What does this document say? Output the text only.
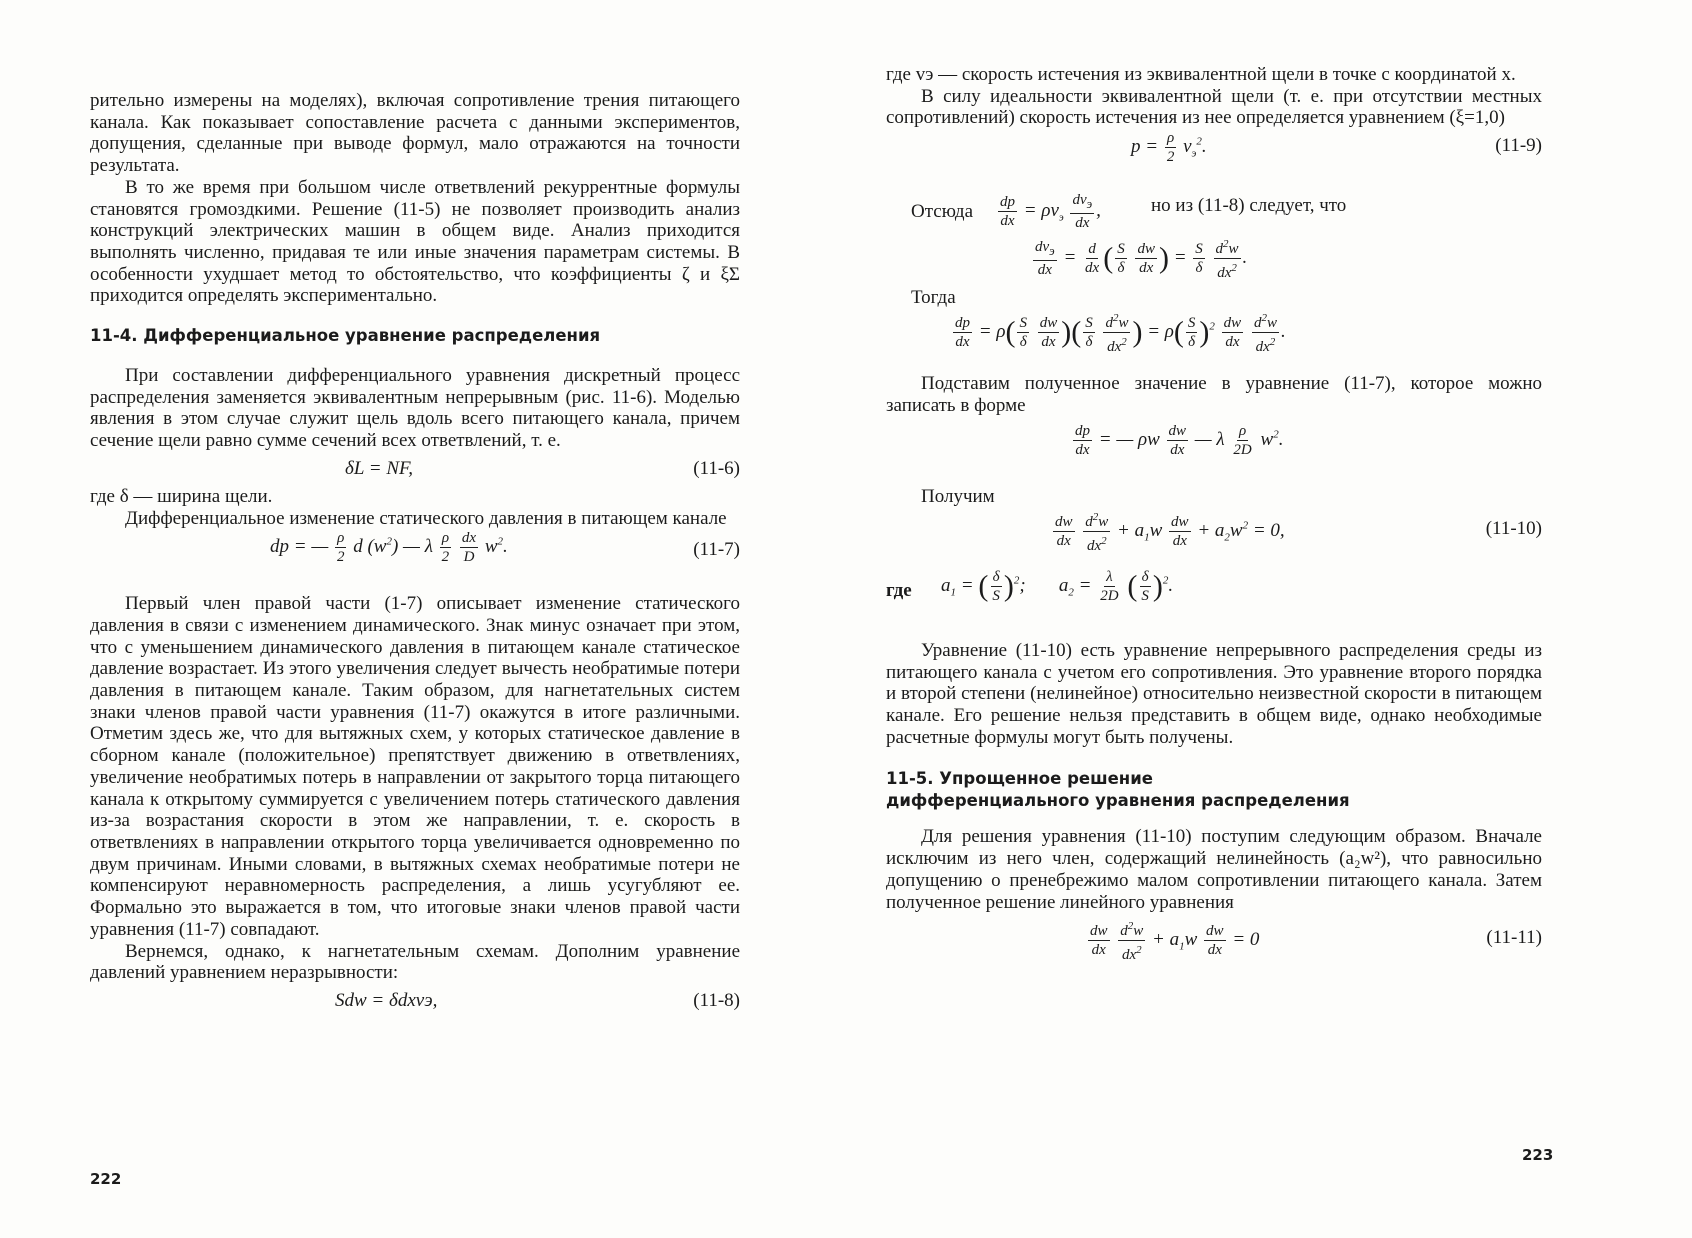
рительно измерены на моделях), включая сопротивление трения питающего канала. Как показывает сопоставление расчета с данными экспериментов, допущения, сделанные при выводе формул, мало отражаются на точности результата.

В то же время при большом числе ответвлений рекуррентные формулы становятся громоздкими. Решение (11-5) не позволяет производить анализ конструкций электрических машин в общем виде. Анализ приходится выполнять численно, придавая те или иные значения параметрам системы. В особенности ухудшает метод то обстоятельство, что коэффициенты ζ и ξΣ приходится определять экспериментально.

11-4. Дифференциальное уравнение распределения

При составлении дифференциального уравнения дискретный процесс распределения заменяется эквивалентным непрерывным (рис. 11-6). Моделью явления в этом случае служит щель вдоль всего питающего канала, причем сечение щели равно сумме сечений всех ответвлений, т. е.

δL = NF,	(11-6)

где δ — ширина щели.

Дифференциальное изменение статического давления в питающем канале

dp = — $\frac{\rho}{2}$ d $(w^2)$ — λ $\frac{\rho}{2}$
$\frac{dx}{D} w^2$.	(11-7)

Первый член правой части (1-7) описывает изменение статического давления в связи с изменением динамического. Знак минус означает при этом, что с уменьшением динамического давления в питающем канале статическое давление возрастает. Из этого увеличения следует вычесть необратимые потери давления в питающем канале. Таким образом, для нагнетательных систем знаки членов правой части уравнения (11-7) окажутся в итоге различными. Отметим здесь же, что для вытяжных схем, у которых статическое давление в сборном канале (положительное) препятствует движению в ответвлениях, увеличение необратимых потерь в направлении от закрытого торца питающего канала к открытому суммируется с увеличением потерь статического давления из-за возрастания скорости в этом же направлении, т. е. скорость в ответвлениях в направлении открытого торца увеличивается одновременно по двум причинам. Иными словами, в вытяжных схемах необратимые потери не компенсируют неравномерность распределения, а лишь усугубляют ее. Формально это выражается в том, что итоговые знаки членов правой части уравнения (11-7) совпадают.

Вернемся, однако, к нагнетательным схемам. Дополним уравнение давлений уравнением неразрывности:

Sdw = δdxvэ,	(11-8)
222

где vэ — скорость истечения из эквивалентной щели в точке с координатой x.

В силу идеальности эквивалентной щели (т. е. при отсутствии местных сопротивлений) скорость истечения из нее определяется уравнением (ξ=1,0)

$p = \frac{\rho}{2} v_э^2$.	(11-9)
Отсюда $\frac{dp}{dx} = \rho v_э \frac{dv_э}{dx}$ ,	но из (11-8) следует, что
$\frac{dv_э}{dx} = \frac{d}{dx}$ ( $\frac{S}{\delta}$
$\frac{dw}{dx}$ ) = $\frac{S}{\delta}$
$\frac{d^2w}{dx^2}$ .

Тогда

$\frac{dp}{dx} = \rho( \frac{S}{\delta}$
$\frac{dw}{dx}$ )( $\frac{S}{\delta}$
$\frac{d^2w}{dx^2}$ ) = $\rho( \frac{S}{\delta} )^2 \frac{dw}{dx}$
$\frac{d^2w}{dx^2}$ .

Подставим полученное значение в уравнение (11-7), которое можно записать в форме

$\frac{dp}{dx}$ = — ρw $\frac{dw}{dx}$ — λ $\frac{\rho}{2D} w^2$.

Получим

$\frac{dw}{dx}$
$\frac{d^2w}{dx^2} + a_1w \frac{dw}{dx} + a_2w^2 = 0$,	(11-10)
где $a_1$ = ( $\frac{\delta}{S} )^2$;       $a_2 = \frac{\lambda}{2D}$ ( $\frac{\delta}{S} )^2$.

Уравнение (11-10) есть уравнение непрерывного распределения среды из питающего канала с учетом его сопротивления. Это уравнение второго порядка и второй степени (нелинейное) относительно неизвестной скорости в питающем канале. Его решение нельзя представить в общем виде, однако необходимые расчетные формулы могут быть получены.

11-5. Упрощенное решение
дифференциального уравнения распределения

Для решения уравнения (11-10) поступим следующим образом. Вначале исключим из него член, содержащий нелинейность (a₂w²), что равносильно допущению о пренебрежимо малом сопротивлении питающего канала. Затем полученное решение линейного уравнения

$\frac{dw}{dx}$
$\frac{d^2w}{dx^2} + a_1w \frac{dw}{dx} = 0$	(11-11)
223
